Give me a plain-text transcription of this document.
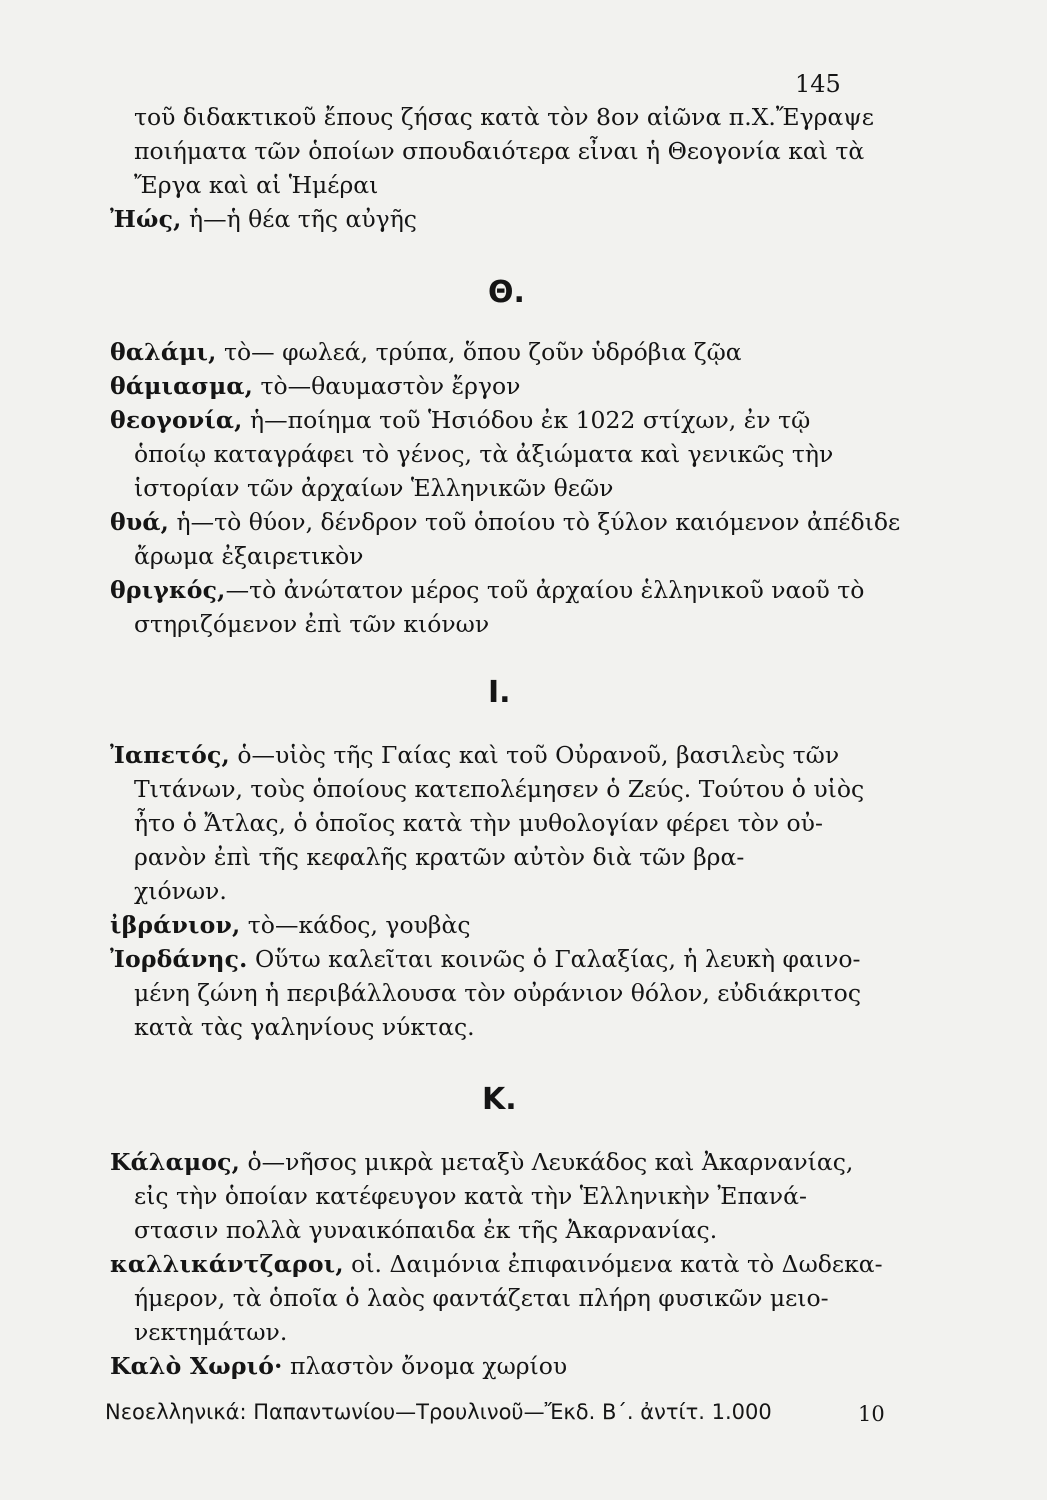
145
τοῦ διδακτικοῦ ἔπους ζήσας κατὰ τὸν 8ον αἰῶνα π.Χ.Ἔγραψε
ποιήματα τῶν ὁποίων σπουδαιότερα εἶναι ἡ Θεογονία καὶ τὰ
Ἔργα καὶ αἱ Ἡμέραι
Ἠώς, ἡ—ἡ θέα τῆς αὐγῆς
Θ.
θαλάμι, τὸ— φωλεά, τρύπα, ὅπου ζοῦν ὑδρόβια ζῷα
θάμιασμα, τὸ—θαυμαστὸν ἔργον
θεογονία, ἡ—ποίημα τοῦ Ἡσιόδου ἐκ 1022 στίχων, ἐν τῷ
ὁποίῳ καταγράφει τὸ γένος, τὰ ἀξιώματα καὶ γενικῶς τὴν
ἱστορίαν τῶν ἀρχαίων Ἑλληνικῶν θεῶν
θυά, ἡ—τὸ θύον, δένδρον τοῦ ὁποίου τὸ ξύλον καιόμενον ἀπέδιδε
ἄρωμα ἐξαιρετικὸν
θριγκός,—τὸ ἀνώτατον μέρος τοῦ ἀρχαίου ἑλληνικοῦ ναοῦ τὸ
στηριζόμενον ἐπὶ τῶν κιόνων
Ι.
Ἰαπετός, ὁ—υἱὸς τῆς Γαίας καὶ τοῦ Οὐρανοῦ, βασιλεὺς τῶν
Τιτάνων, τοὺς ὁποίους κατεπολέμησεν ὁ Ζεύς. Τούτου ὁ υἱὸς
ἦτο ὁ Ἄτλας, ὁ ὁποῖος κατὰ τὴν μυθολογίαν φέρει τὸν οὐ-
ρανὸν ἐπὶ τῆς κεφαλῆς κρατῶν αὐτὸν διὰ τῶν βρα-
χιόνων.
ἰβράνιον, τὸ—κάδος, γουβὰς
Ἰορδάνης. Οὕτω καλεῖται κοινῶς ὁ Γαλαξίας, ἡ λευκὴ φαινο-
μένη ζώνη ἡ περιβάλλουσα τὸν οὐράνιον θόλον, εὐδιάκριτος
κατὰ τὰς γαληνίους νύκτας.
Κ.
Κάλαμος, ὁ—νῆσος μικρὰ μεταξὺ Λευκάδος καὶ Ἀκαρνανίας,
εἰς τὴν ὁποίαν κατέφευγον κατὰ τὴν Ἑλληνικὴν Ἐπανά-
στασιν πολλὰ γυναικόπαιδα ἐκ τῆς Ἀκαρνανίας.
καλλικάντζαροι, οἱ. Δαιμόνια ἐπιφαινόμενα κατὰ τὸ Δωδεκα-
ήμερον, τὰ ὁποῖα ὁ λαὸς φαντάζεται πλήρη φυσικῶν μειο-
νεκτημάτων.
Καλὸ Χωριό· πλαστὸν ὄνομα χωρίου
Νεοελληνικά: Παπαντωνίου—Τρουλινοῦ—Ἔκδ. Β΄. ἀντίτ. 1.000	10
